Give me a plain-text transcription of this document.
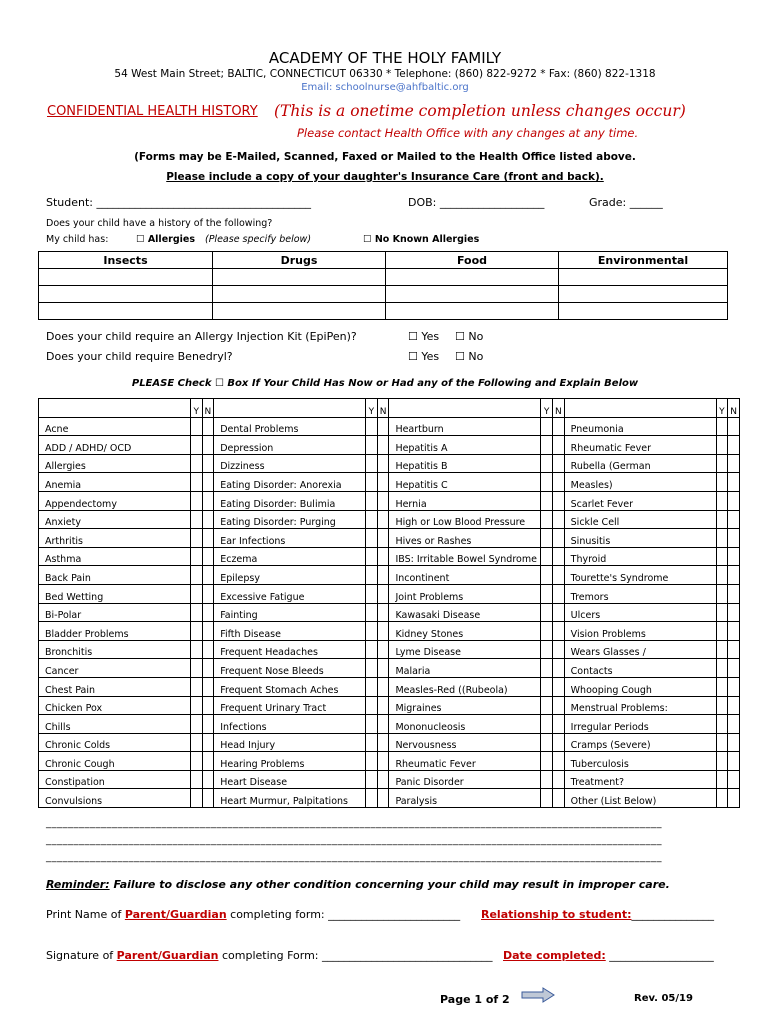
ACADEMY OF THE HOLY FAMILY
54 West Main Street; BALTIC, CONNECTICUT 06330 * Telephone: (860) 822-9272 * Fax: (860) 822-1318
Email: schoolnurse@ahfbaltic.org
CONFIDENTIAL HEALTH HISTORY (This is a onetime completion unless changes occur)
Please contact Health Office with any changes at any time.
(Forms may be E-Mailed, Scanned, Faxed or Mailed to the Health Office listed above.
Please include a copy of your daughter's Insurance Care (front and back).
Student: _______________________________________	DOB: ___________________	Grade: ______
Does your child have a history of the following?
My child has:	☐ Allergies (Please specify below)	☐ No Known Allergies
Insects	Drugs	Food	Environmental

Does your child require an Allergy Injection Kit (EpiPen)?	☐ Yes ☐ No
Does your child require Benedryl?	☐ Yes ☐ No
PLEASE Check ☐ Box If Your Child Has Now or Had any of the Following and Explain Below
	Y	N		Y	N		Y	N		Y	N
Acne			Dental Problems			Heartburn			Pneumonia		
ADD / ADHD/ OCD			Depression			Hepatitis A			Rheumatic Fever		
Allergies			Dizziness			Hepatitis B			Rubella (German		
Anemia			Eating Disorder: Anorexia			Hepatitis C			Measles)		
Appendectomy			Eating Disorder: Bulimia			Hernia			Scarlet Fever		
Anxiety			Eating Disorder: Purging			High or Low Blood Pressure			Sickle Cell		
Arthritis			Ear Infections			Hives or Rashes			Sinusitis		
Asthma			Eczema			IBS: Irritable Bowel Syndrome			Thyroid		
Back Pain			Epilepsy			Incontinent			Tourette's Syndrome		
Bed Wetting			Excessive Fatigue			Joint Problems			Tremors		
Bi-Polar			Fainting			Kawasaki Disease			Ulcers		
Bladder Problems			Fifth Disease			Kidney Stones			Vision Problems		
Bronchitis			Frequent Headaches			Lyme Disease			Wears Glasses /		
Cancer			Frequent Nose Bleeds			Malaria			Contacts		
Chest Pain			Frequent Stomach Aches			Measles-Red ((Rubeola)			Whooping Cough		
Chicken Pox			Frequent Urinary Tract			Migraines			Menstrual Problems:		
Chills			Infections			Mononucleosis			Irregular Periods		
Chronic Colds			Head Injury			Nervousness			Cramps (Severe)		
Chronic Cough			Hearing Problems			Rheumatic Fever			Tuberculosis		
Constipation			Heart Disease			Panic Disorder			Treatment?		
Convulsions			Heart Murmur, Palpitations			Paralysis			Other (List Below)		
________________________________________________________________________________________________________________
________________________________________________________________________________________________________________
________________________________________________________________________________________________________________
Reminder: Failure to disclose any other condition concerning your child may result in improper care.
Print Name of Parent/Guardian completing form: ________________________ Relationship to student:_______________
Signature of Parent/Guardian completing Form: _______________________________ Date completed: ___________________
Page 1 of 2	Rev. 05/19
